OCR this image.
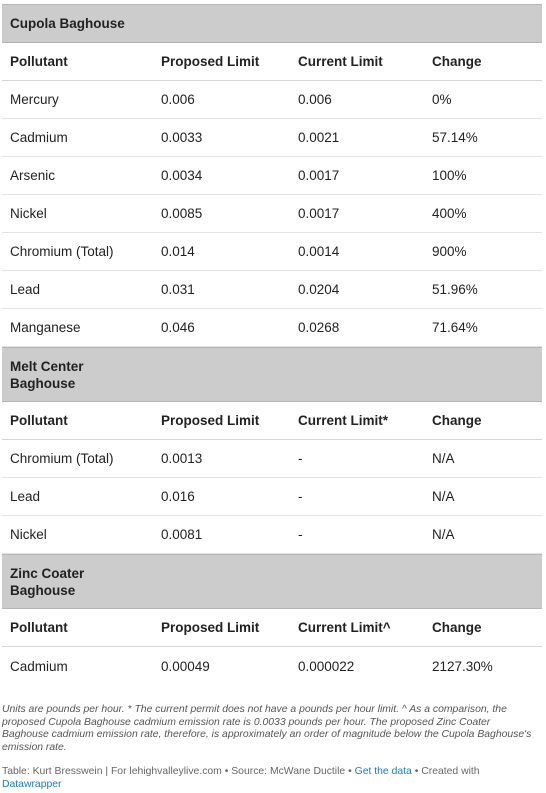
Cupola Baghouse
Pollutant	Proposed Limit	Current Limit	Change
Mercury	0.006	0.006	0%
Cadmium	0.0033	0.0021	57.14%
Arsenic	0.0034	0.0017	100%
Nickel	0.0085	0.0017	400%
Chromium (Total)	0.014	0.0014	900%
Lead	0.031	0.0204	51.96%
Manganese	0.046	0.0268	71.64%
Melt Center
Baghouse
Pollutant	Proposed Limit	Current Limit*	Change
Chromium (Total)	0.0013	-	N/A
Lead	0.016	-	N/A
Nickel	0.0081	-	N/A
Zinc Coater
Baghouse
Pollutant	Proposed Limit	Current Limit^	Change
Cadmium	0.00049	0.000022	2127.30%
Units are pounds per hour. * The current permit does not have a pounds per hour limit. ^ As a comparison, the proposed Cupola Baghouse cadmium emission rate is 0.0033 pounds per hour. The proposed Zinc Coater Baghouse cadmium emission rate, therefore, is approximately an order of magnitude below the Cupola Baghouse's emission rate.
Table: Kurt Bresswein | For lehighvalleylive.com • Source: McWane Ductile • Get the data • Created with
Datawrapper
